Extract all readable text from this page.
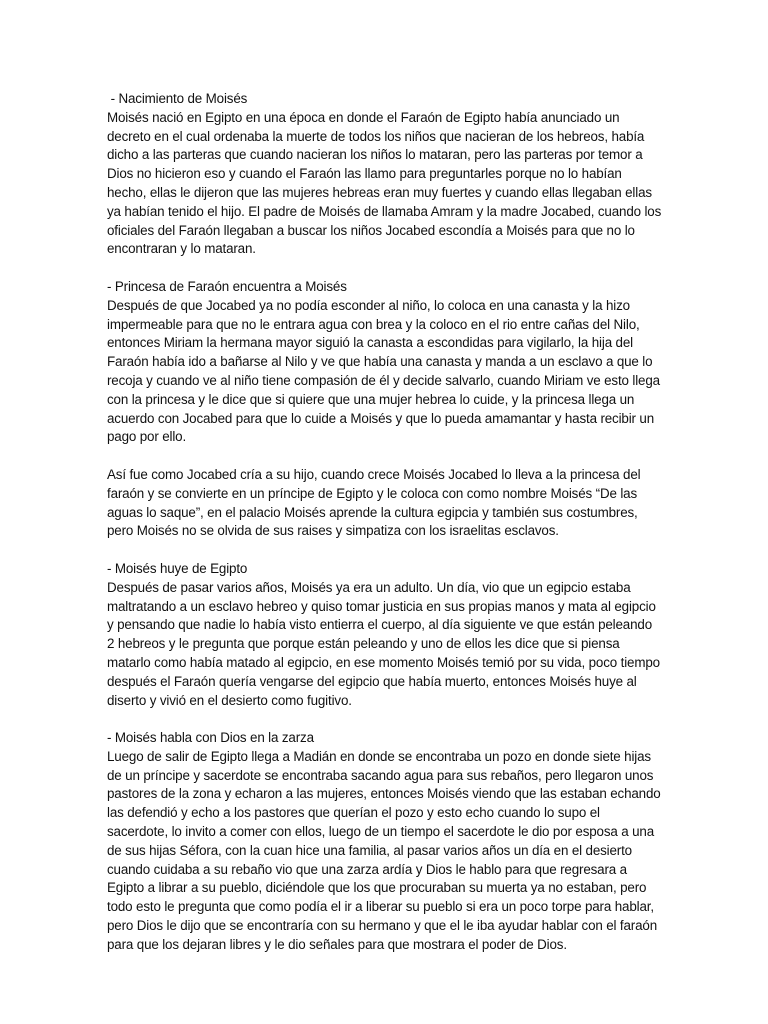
- Nacimiento de Moisés

Moisés nació en Egipto en una época en donde el Faraón de Egipto había anunciado un decreto en el cual ordenaba la muerte de todos los niños que nacieran de los hebreos, había dicho a las parteras que cuando nacieran los niños lo mataran, pero las parteras por temor a Dios no hicieron eso y cuando el Faraón las llamo para preguntarles porque no lo habían hecho, ellas le dijeron que las mujeres hebreas eran muy fuertes y cuando ellas llegaban ellas ya habían tenido el hijo. El padre de Moisés de llamaba Amram y la madre Jocabed, cuando los oficiales del Faraón llegaban a buscar los niños Jocabed escondía a Moisés para que no lo encontraran y lo mataran.

- Princesa de Faraón encuentra a Moisés

Después de que Jocabed ya no podía esconder al niño, lo coloca en una canasta y la hizo impermeable para que no le entrara agua con brea y la coloco en el rio entre cañas del Nilo, entonces Miriam la hermana mayor siguió la canasta a escondidas para vigilarlo, la hija del Faraón había ido a bañarse al Nilo y ve que había una canasta y manda a un esclavo a que lo recoja y cuando ve al niño tiene compasión de él y decide salvarlo, cuando Miriam ve esto llega con la princesa y le dice que si quiere que una mujer hebrea lo cuide, y la princesa llega un acuerdo con Jocabed para que lo cuide a Moisés y que lo pueda amamantar y hasta recibir un pago por ello.

Así fue como Jocabed cría a su hijo, cuando crece Moisés Jocabed lo lleva a la princesa del faraón y se convierte en un príncipe de Egipto y le coloca con como nombre Moisés “De las aguas lo saque”, en el palacio Moisés aprende la cultura egipcia y también sus costumbres, pero Moisés no se olvida de sus raises y simpatiza con los israelitas esclavos.

- Moisés huye de Egipto

Después de pasar varios años, Moisés ya era un adulto. Un día, vio que un egipcio estaba maltratando a un esclavo hebreo y quiso tomar justicia en sus propias manos y mata al egipcio y pensando que nadie lo había visto entierra el cuerpo, al día siguiente ve que están peleando 2 hebreos y le pregunta que porque están peleando y uno de ellos les dice que si piensa matarlo como había matado al egipcio, en ese momento Moisés temió por su vida, poco tiempo después el Faraón quería vengarse del egipcio que había muerto, entonces Moisés huye al diserto y vivió en el desierto como fugitivo.

- Moisés habla con Dios en la zarza

Luego de salir de Egipto llega a Madián en donde se encontraba un pozo en donde siete hijas de un príncipe y sacerdote se encontraba sacando agua para sus rebaños, pero llegaron unos pastores de la zona y echaron a las mujeres, entonces Moisés viendo que las estaban echando las defendió y echo a los pastores que querían el pozo y esto echo cuando lo supo el sacerdote, lo invito a comer con ellos, luego de un tiempo el sacerdote le dio por esposa a una de sus hijas Séfora, con la cuan hice una familia, al pasar varios años un día en el desierto cuando cuidaba a su rebaño vio que una zarza ardía y Dios le hablo para que regresara a Egipto a librar a su pueblo, diciéndole que los que procuraban su muerta ya no estaban, pero todo esto le pregunta que como podía el ir a liberar su pueblo si era un poco torpe para hablar, pero Dios le dijo que se encontraría con su hermano y que el le iba ayudar hablar con el faraón para que los dejaran libres y le dio señales para que mostrara el poder de Dios.
